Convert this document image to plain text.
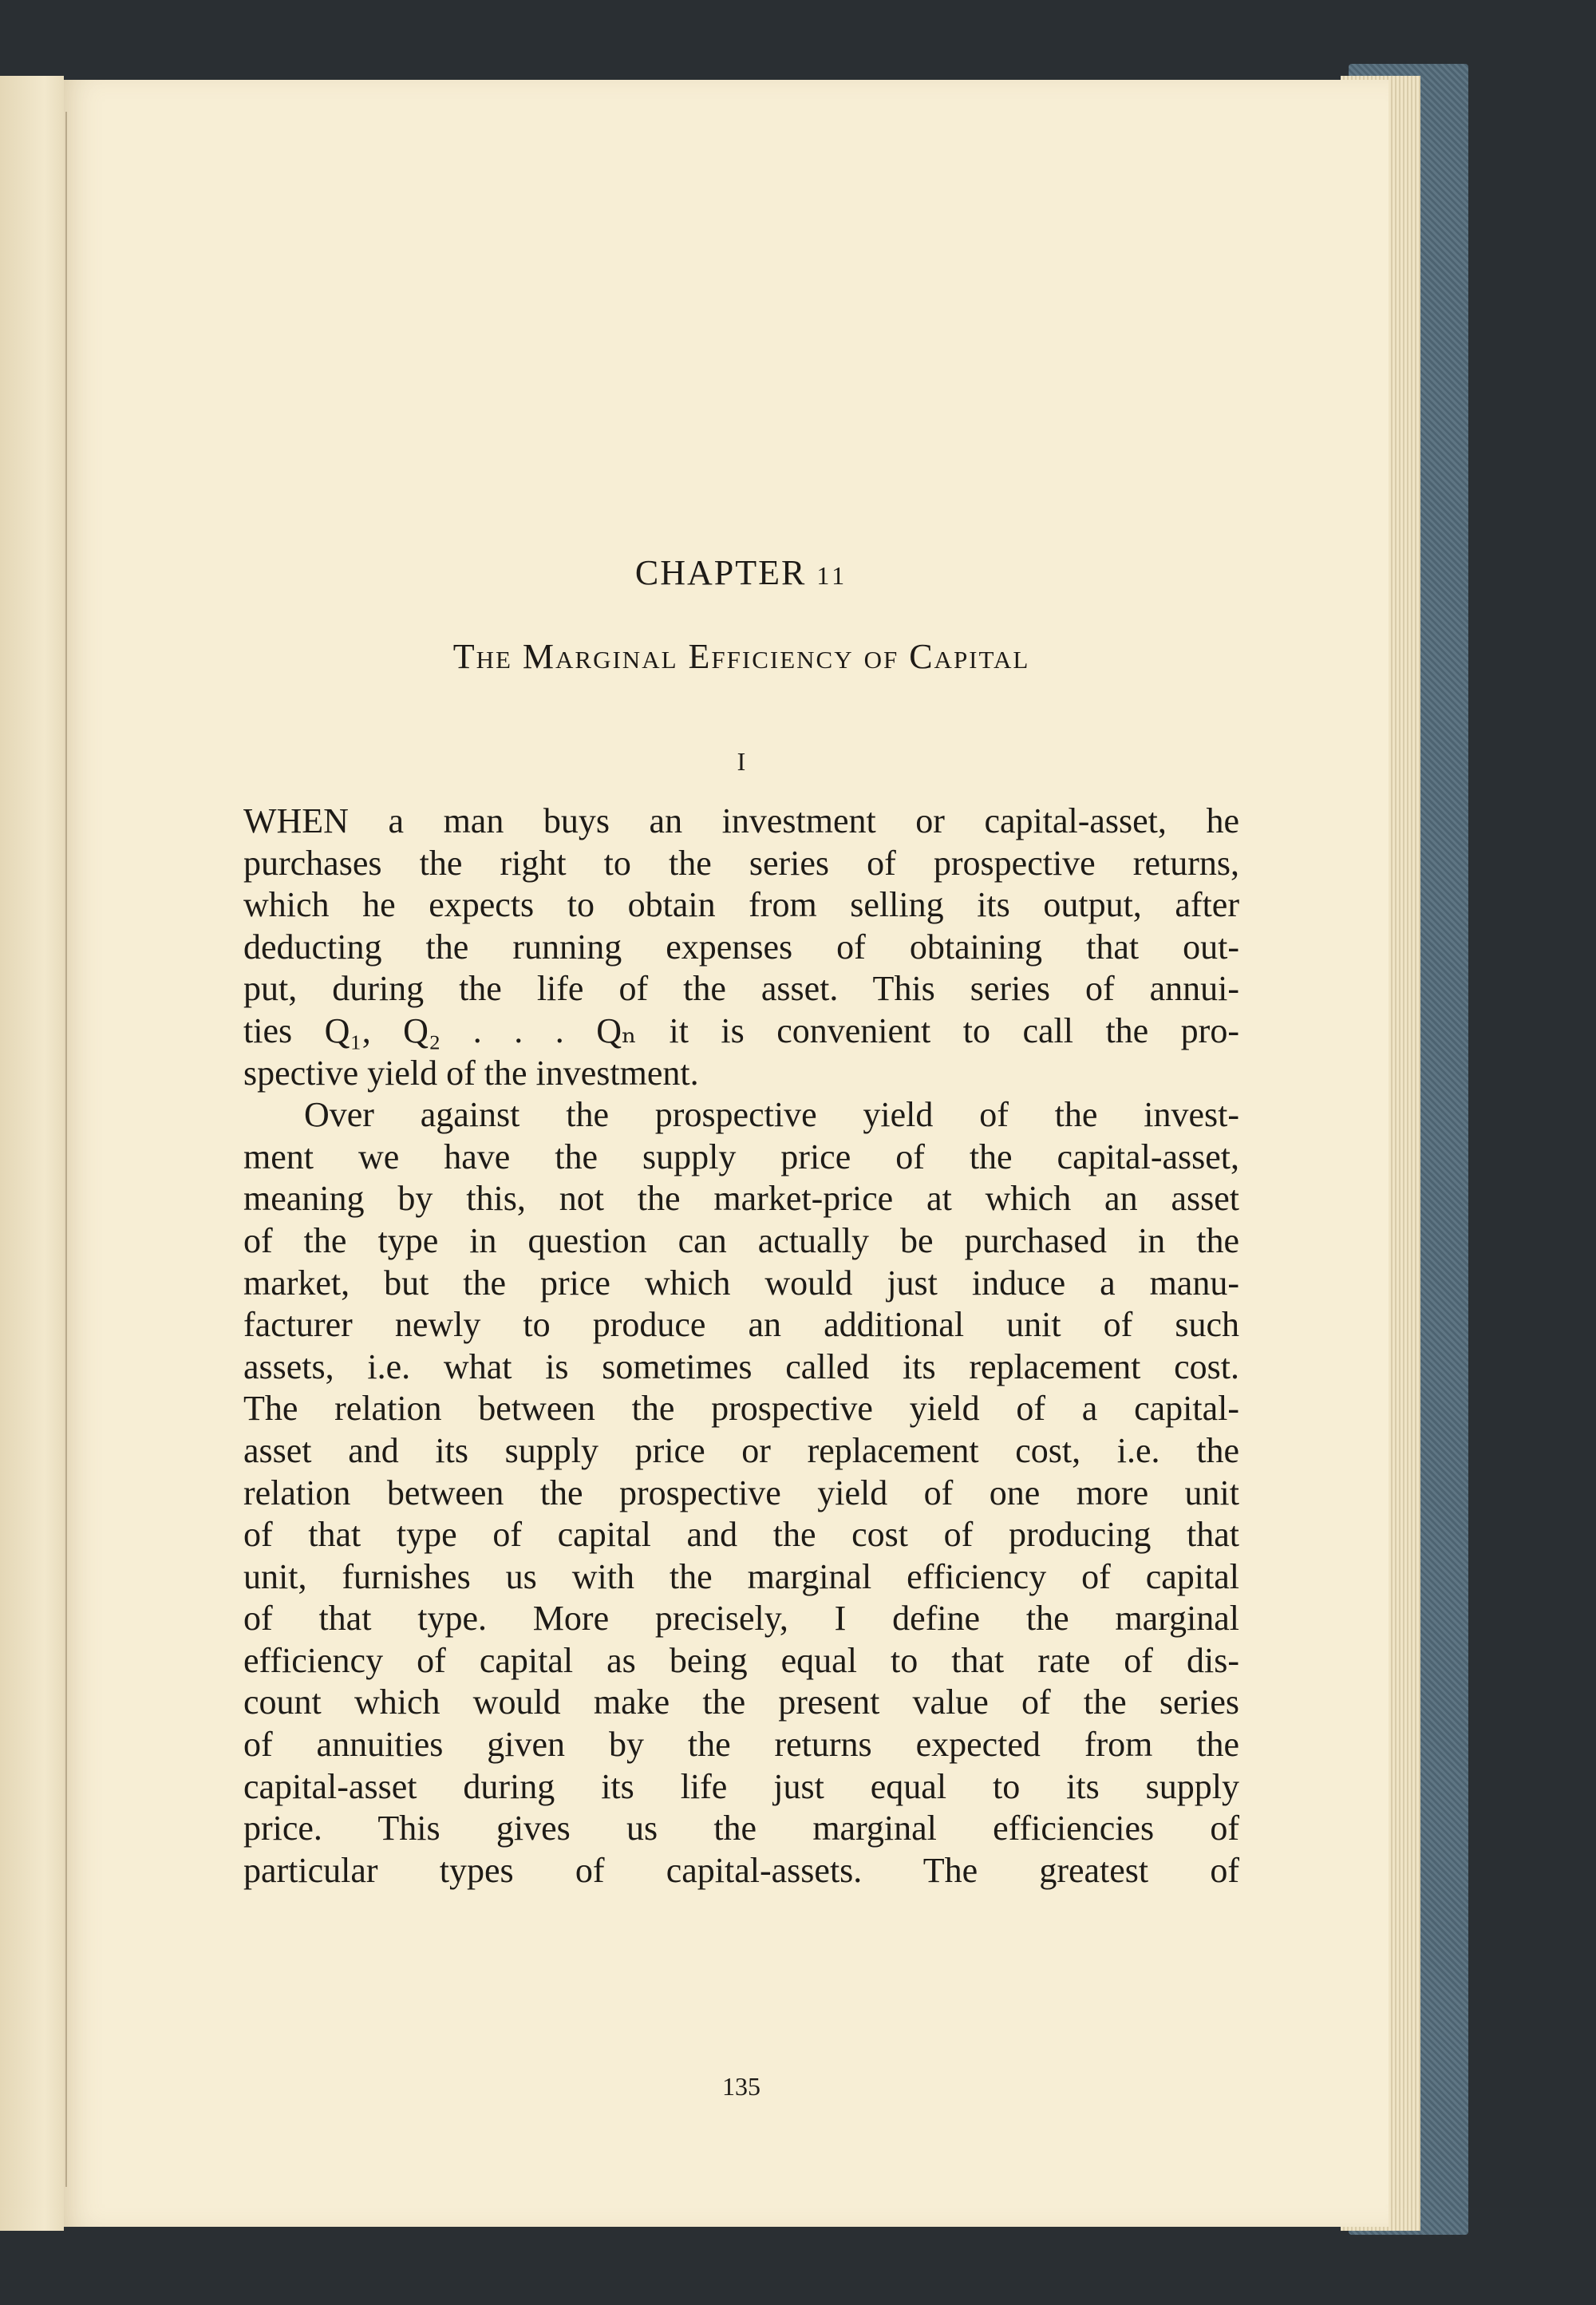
CHAPTER 11
The Marginal Efficiency of Capital
I
WHEN a man buys an investment or capital-asset, he
purchases the right to the series of prospective returns,
which he expects to obtain from selling its output, after
deducting the running expenses of obtaining that out-
put, during the life of the asset. This series of annui-
ties Q₁, Q₂ . . . Qₙ it is convenient to call the pro-
spective yield of the investment.
Over against the prospective yield of the invest-
ment we have the supply price of the capital-asset,
meaning by this, not the market-price at which an asset
of the type in question can actually be purchased in the
market, but the price which would just induce a manu-
facturer newly to produce an additional unit of such
assets, i.e. what is sometimes called its replacement cost.
The relation between the prospective yield of a capital-
asset and its supply price or replacement cost, i.e. the
relation between the prospective yield of one more unit
of that type of capital and the cost of producing that
unit, furnishes us with the marginal efficiency of capital
of that type. More precisely, I define the marginal
efficiency of capital as being equal to that rate of dis-
count which would make the present value of the series
of annuities given by the returns expected from the
capital-asset during its life just equal to its supply
price. This gives us the marginal efficiencies of
particular types of capital-assets. The greatest of
135
